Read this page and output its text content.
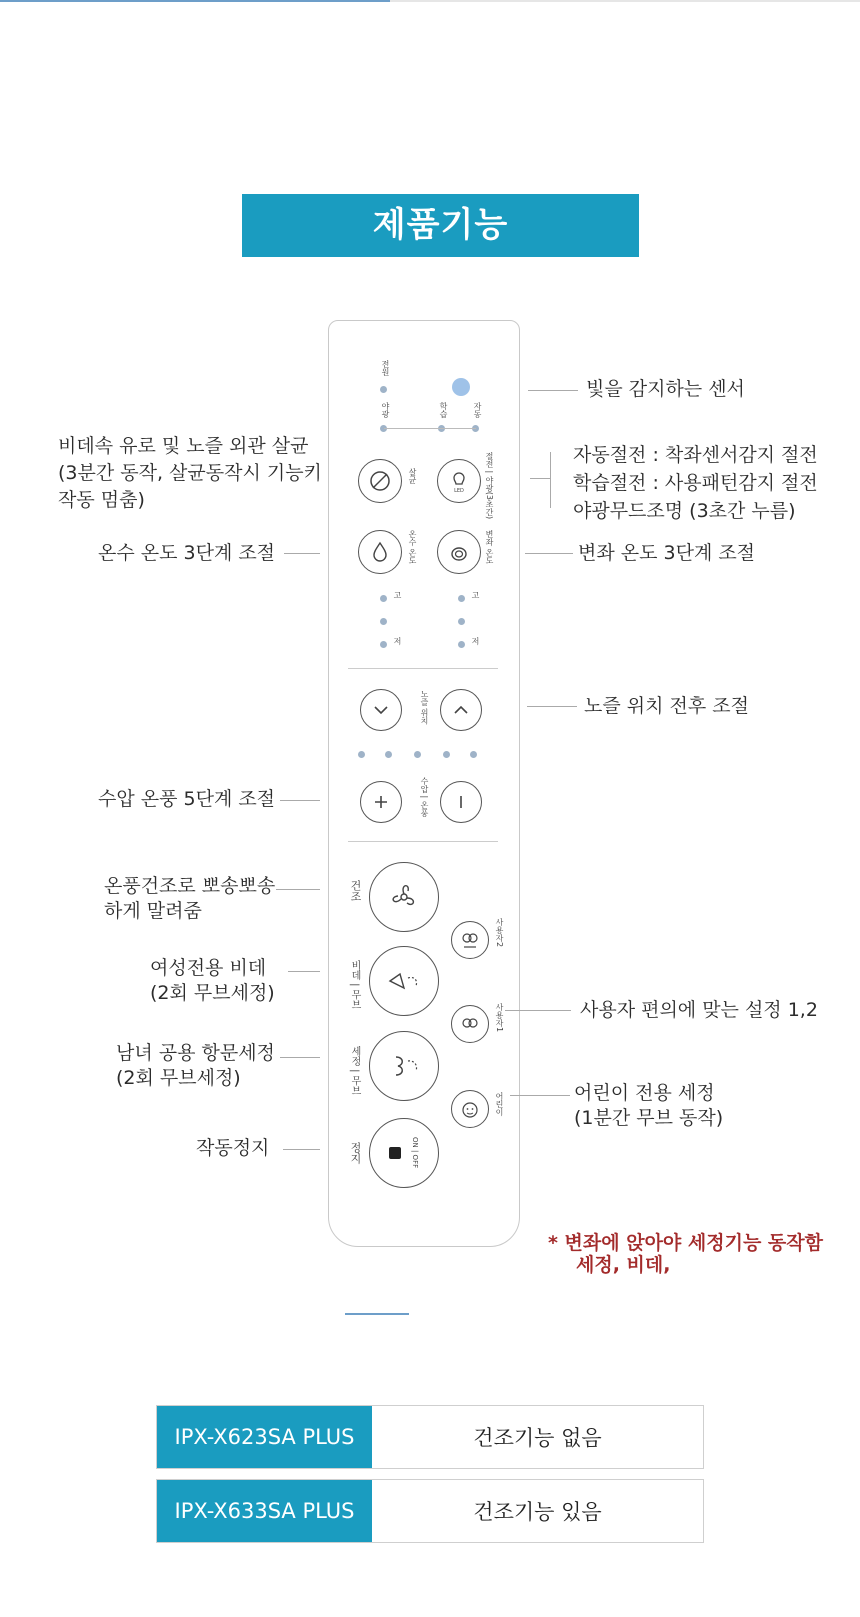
제품기능
전원
야광	학습	자동
살균
LED	절전 | 야광(3초간)
온수 온도	변좌 온도
고
저
고
저
노즐 위치
수압 | 온풍
건조
사용자2
비데 | 무브
사용자1
세정 | 무브
어린이
정지	ON | OFF
빛을 감지하는 센서
비데속 유로 및 노즐 외관 살균
(3분간 동작, 살균동작시 기능키
작동 멈춤)
자동절전 : 착좌센서감지 절전
학습절전 : 사용패턴감지 절전
야광무드조명 (3초간 누름)
온수 온도 3단계 조절	변좌 온도 3단계 조절
노즐 위치 전후 조절
수압 온풍 5단계 조절
온풍건조로 뽀송뽀송
하게 말려줌
여성전용 비데
(2회 무브세정)
사용자 편의에 맞는 설정 1,2
남녀 공용 항문세정
(2회 무브세정)
어린이 전용 세정
(1분간 무브 동작)
작동정지
* 변좌에 앉아야 세정기능 동작함
세정, 비데,
IPX-X623SA PLUS	건조기능 없음
IPX-X633SA PLUS	건조기능 있음
